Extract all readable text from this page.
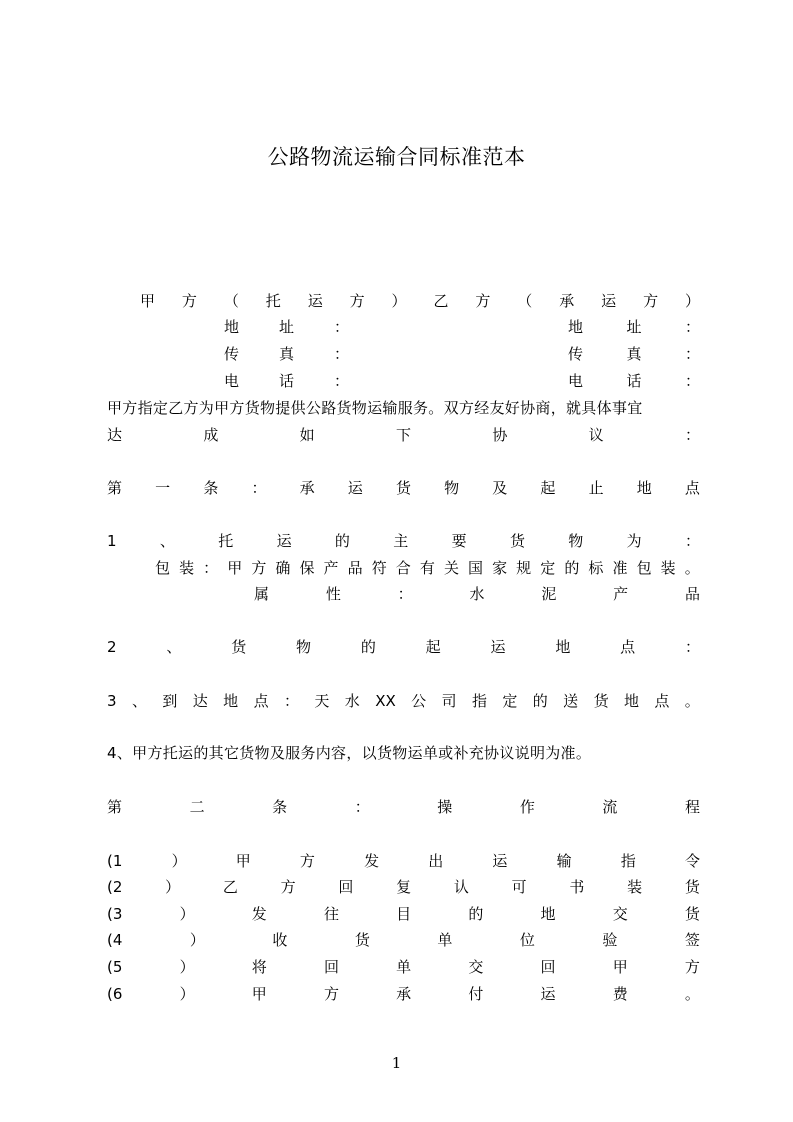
公路物流运输合同标准范本
甲 方 （ 托 运 方 ） 乙 方 （ 承 运 方 ）
地	址	：	地	址	：
传	真	：	传	真	：
电	话	：	电	话	：
甲方指定乙方为甲方货物提供公路货物运输服务。双方经友好协商，就具体事宜
达	成	如	下	协	议	：
第 一 条 ： 承 运 货 物 及 起 止 地 点
1	、	托	运	的	主	要	货	物	为	：
包 装 ： 甲 方 确 保 产 品 符 合 有 关 国 家 规 定 的 标 准 包 装 。
属	性	：	水	泥	产	品
2	、	货	物	的	起	运	地	点	：
3 、 到 达 地 点 ： 天 水 XX 公 司 指 定 的 送 货 地 点 。
4、甲方托运的其它货物及服务内容，以货物运单或补充协议说明为准。
第	二	条	：	操	作	流	程
(1	）	甲	方	发	出	运	输	指	令
(2	）	乙	方	回	复	认	可	书	装	货
(3	）	发	往	目	的	地	交	货
(4	）	收	货	单	位	验	签
(5	）	将	回	单	交	回	甲	方
(6	）	甲	方	承	付	运	费	。
1
